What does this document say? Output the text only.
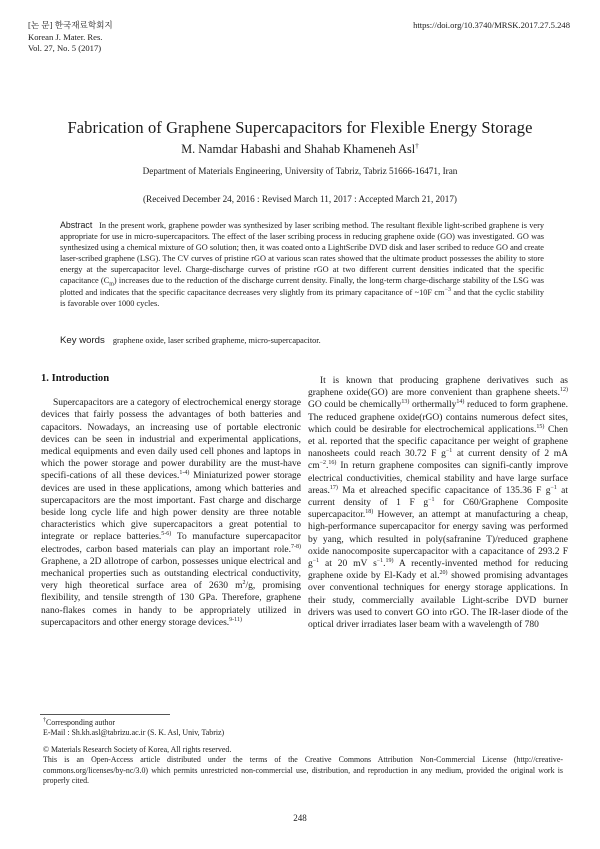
[논 문] 한국재료학회지
Korean J. Mater. Res.
Vol. 27, No. 5 (2017)
https://doi.org/10.3740/MRSK.2017.27.5.248
Fabrication of Graphene Supercapacitors for Flexible Energy Storage
M. Namdar Habashi and Shahab Khameneh Asl†
Department of Materials Engineering, University of Tabriz, Tabriz 51666-16471, Iran
(Received December 24, 2016 : Revised March 11, 2017 : Accepted March 21, 2017)
Abstract In the present work, graphene powder was synthesized by laser scribing method. The resultant flexible light-scribed graphene is very appropriate for use in micro-supercapacitors. The effect of the laser scribing process in reducing graphene oxide (GO) was investigated. GO was synthesized using a chemical mixture of GO solution; then, it was coated onto a LightScribe DVD disk and laser scribed to reduce GO and create laser-scribed graphene (LSG). The CV curves of pristine rGO at various scan rates showed that the ultimate product possesses the ability to store energy at the supercapacitor level. Charge-discharge curves of pristine rGO at two different current densities indicated that the specific capacitance $(C_m)$ increases due to the reduction of the discharge current density. Finally, the long-term charge-discharge stability of the LSG was plotted and indicates that the specific capacitance decreases very slightly from its primary capacitance of ~10F $cm^{-3}$ and that the cyclic stability is favorable over 1000 cycles.
Key words graphene oxide, laser scribed grapheme, micro-supercapacitor.
1. Introduction

Supercapacitors are a category of electrochemical energy storage devices that fairly possess the advantages of both batteries and capacitors. Nowadays, an increasing use of portable electronic devices can be seen in industrial and experimental applications, medical equipments and even daily used cell phones and laptops in which the power storage and power durability are the must-have specifi-cations of all these devices.$^{1-4)}$ Miniaturized power storage devices are used in these applications, among which batteries and supercapacitors are the most important. Fast charge and discharge beside long cycle life and high power density are three notable characteristics which give supercapacitors a great potential to integrate or replace batteries.$^{5-6)}$ To manufacture supercapacitor electrodes, carbon based materials can play an important role.$^{7-8)}$ Graphene, a 2D allotrope of carbon, possesses unique electrical and mechanical properties such as outstanding electrical conductivity, very high theoretical surface area of 2630 $m^2/g$, promising flexibility, and tensile strength of 130 GPa. Therefore, graphene nano-flakes comes in handy to be appropriately utilized in supercapacitors and other energy storage devices.$^{9-11)}$

It is known that producing graphene derivatives such as graphene oxide(GO) are more convenient than graphene sheets.$^{12)}$ GO could be chemically$^{13)}$ orthermally$^{14)}$ reduced to form graphene. The reduced graphene oxide(rGO) contains numerous defect sites, which could be desirable for electrochemical applications.$^{15)}$ Chen et al. reported that the specific capacitance per weight of graphene nanosheets could reach 30.72 F $g^{-1}$ at current density of 2 mA $cm^{-2}.^{16)}$ In return graphene composites can signifi-cantly improve electrical conductivities, chemical stability and have large surface areas.$^{17)}$ Ma et alreached specific capacitance of 135.36 F $g^{-1}$ at current density of 1 F $g^{-1}$ for C60/Graphene Composite supercapacitor.$^{18)}$ However, an attempt at manufacturing a cheap, high-performance supercapacitor for energy saving was performed by yang, which resulted in poly(safranine T)/reduced graphene oxide nanocomposite supercapacitor with a capacitance of 293.2 F $g^{-1}$ at 20 mV $s^{-1}.^{19)}$ A recently-invented method for reducing graphene oxide by El-Kady et al.$^{20)}$ showed promising advantages over conventional techniques for energy storage applications. In their study, commercially available Light-scribe DVD burner drivers was used to convert GO into rGO. The IR-laser diode of the optical driver irradiates laser beam with a wavelength of 780

†Corresponding author
E-Mail : Sh.kh.asl@tabrizu.ac.ir (S. K. Asl, Univ, Tabriz)
© Materials Research Society of Korea, All rights reserved.
This is an Open-Access article distributed under the terms of the Creative Commons Attribution Non-Commercial License (http://creative-commons.org/licenses/by-nc/3.0) which permits unrestricted non-commercial use, distribution, and reproduction in any medium, provided the original work is properly cited.
248
